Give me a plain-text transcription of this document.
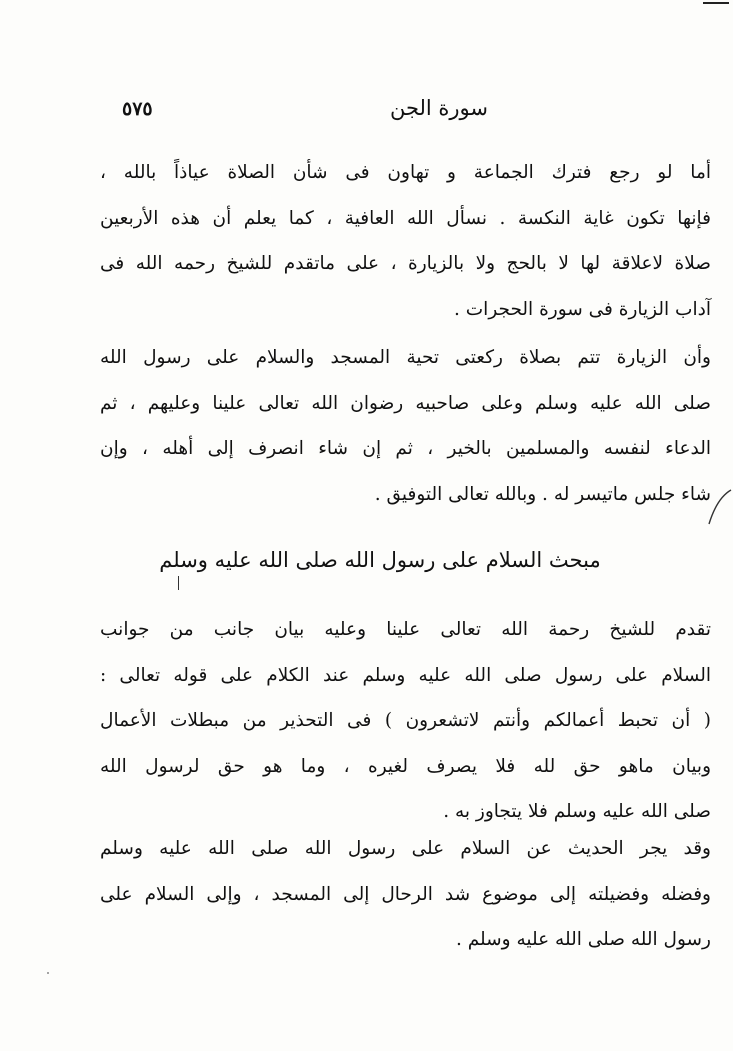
٥٧٥	سورة الجن
أما لو رجع فترك الجماعة و تهاون فى شأن الصلاة عياذاً بالله ،
فإنها تكون غاية النكسة . نسأل الله العافية ، كما يعلم أن هذه الأربعين
صلاة لاعلاقة لها لا بالحج ولا بالزيارة ، على ماتقدم للشيخ رحمه الله فى
آداب الزيارة فى سورة الحجرات .
وأن الزيارة تتم بصلاة ركعتى تحية المسجد والسلام على رسول الله
صلى الله عليه وسلم وعلى صاحبيه رضوان الله تعالى علينا وعليهم ، ثم
الدعاء لنفسه والمسلمين بالخير ، ثم إن شاء انصرف إلى أهله ، وإن
شاء جلس ماتيسر له . وبالله تعالى التوفيق .
مبحث السلام على رسول الله صلى الله عليه وسلم
تقدم للشيخ رحمة الله تعالى علينا وعليه بيان جانب من جوانب
السلام على رسول صلى الله عليه وسلم عند الكلام على قوله تعالى :
( أن تحبط أعمالكم وأنتم لاتشعرون ) فى التحذير من مبطلات الأعمال
وبيان ماهو حق لله فلا يصرف لغيره ، وما هو حق لرسول الله
صلى الله عليه وسلم فلا يتجاوز به .
وقد يجر الحديث عن السلام على رسول الله صلى الله عليه وسلم
وفضله وفضيلته إلى موضوع شد الرحال إلى المسجد ، وإلى السلام على
رسول الله صلى الله عليه وسلم .
